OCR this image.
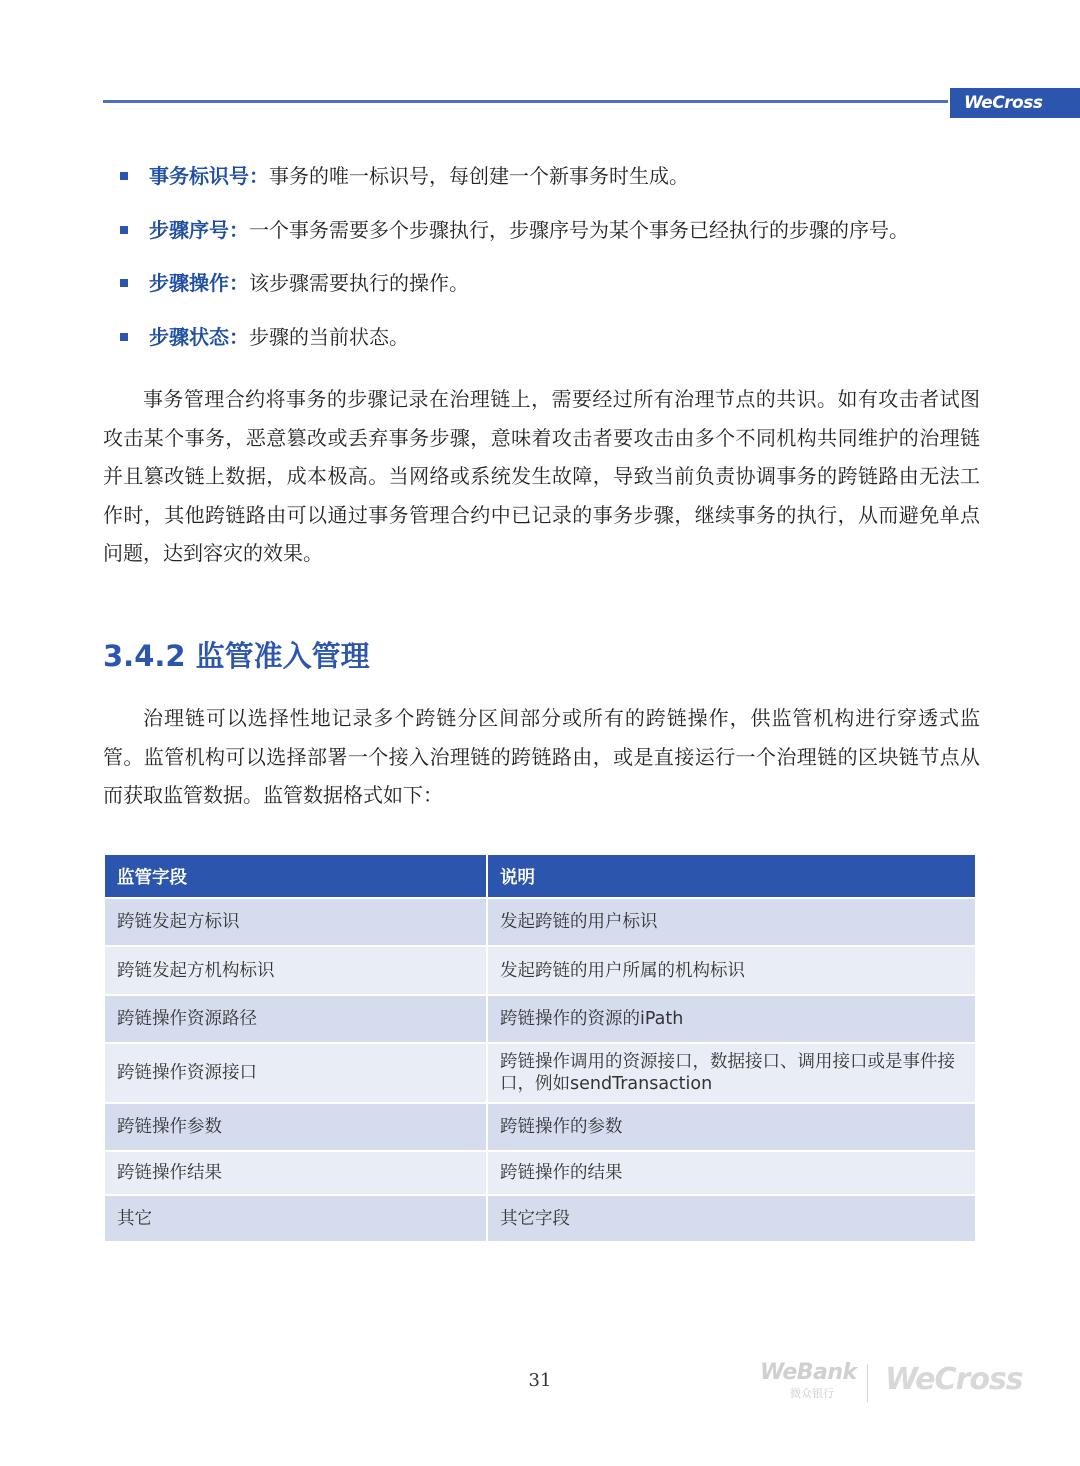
WeCross
事务标识号：事务的唯一标识号，每创建一个新事务时生成。
步骤序号：一个事务需要多个步骤执行，步骤序号为某个事务已经执行的步骤的序号。
步骤操作：该步骤需要执行的操作。
步骤状态：步骤的当前状态。
事务管理合约将事务的步骤记录在治理链上，需要经过所有治理节点的共识。如有攻击者试图攻击某个事务，恶意篡改或丢弃事务步骤，意味着攻击者要攻击由多个不同机构共同维护的治理链并且篡改链上数据，成本极高。当网络或系统发生故障，导致当前负责协调事务的跨链路由无法工作时，其他跨链路由可以通过事务管理合约中已记录的事务步骤，继续事务的执行，从而避免单点问题，达到容灾的效果。
3.4.2 监管准入管理
治理链可以选择性地记录多个跨链分区间部分或所有的跨链操作，供监管机构进行穿透式监管。监管机构可以选择部署一个接入治理链的跨链路由，或是直接运行一个治理链的区块链节点从而获取监管数据。监管数据格式如下：
监管字段	说明
跨链发起方标识	发起跨链的用户标识
跨链发起方机构标识	发起跨链的用户所属的机构标识
跨链操作资源路径	跨链操作的资源的iPath
跨链操作资源接口	跨链操作调用的资源接口，数据接口、调用接口或是事件接口，例如sendTransaction
跨链操作参数	跨链操作的参数
跨链操作结果	跨链操作的结果
其它	其它字段
31	WeBank
微众银行 WeCross
